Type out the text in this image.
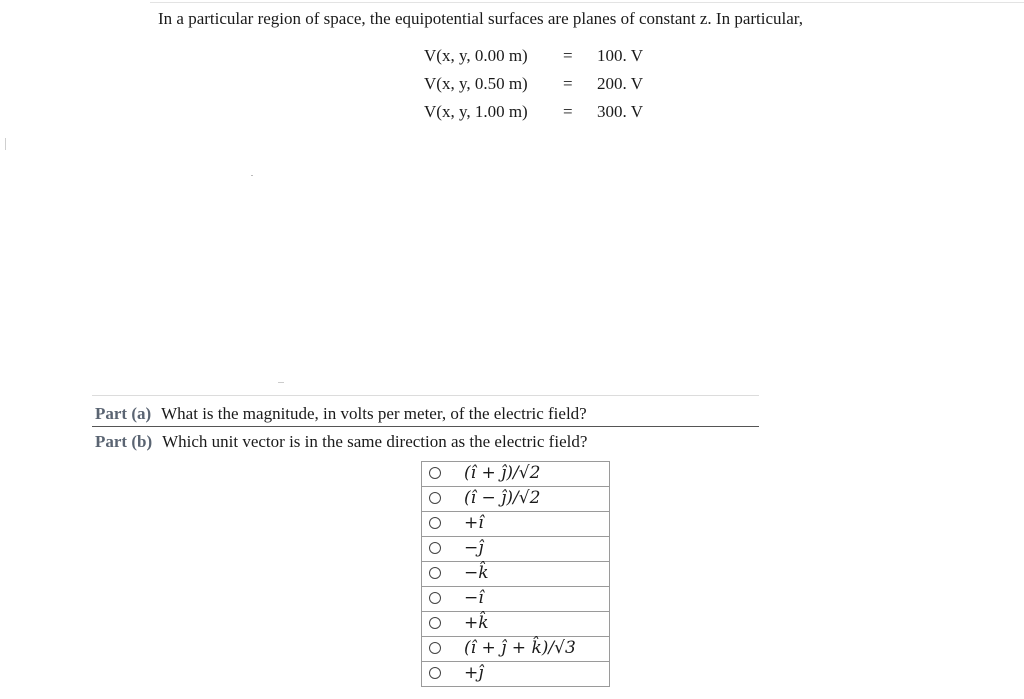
In a particular region of space, the equipotential surfaces are planes of constant z. In particular,
V(x, y, 0.00 m) = 100. V
V(x, y, 0.50 m) = 200. V
V(x, y, 1.00 m) = 300. V
Part (a) What is the magnitude, in volts per meter, of the electric field?
Part (b) Which unit vector is in the same direction as the electric field?
(î + ĵ)/√2
(î − ĵ)/√2
+î
−ĵ
−k̂
−î
+k̂
(î + ĵ + k̂)/√3
+ĵ
